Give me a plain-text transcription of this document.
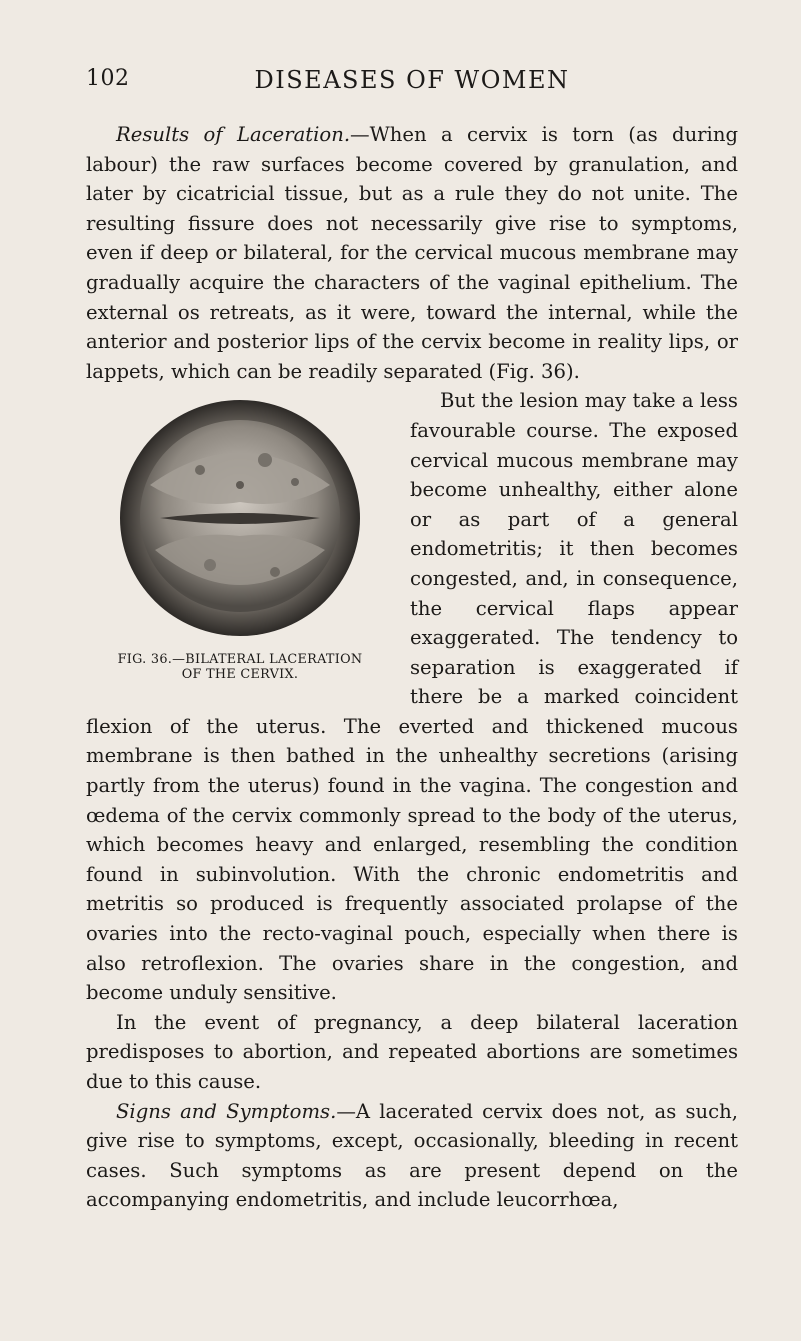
102	DISEASES OF WOMEN

Results of Laceration.—When a cervix is torn (as during labour) the raw surfaces become covered by granulation, and later by cicatricial tissue, but as a rule they do not unite. The resulting fissure does not necessarily give rise to symptoms, even if deep or bilateral, for the cervical mucous membrane may gradually acquire the characters of the vaginal epithelium. The external os retreats, as it were, toward the internal, while the anterior and posterior lips of the cervix become in reality lips, or lappets, which can be readily separated (Fig. 36).

FIG. 36.—BILATERAL LACERATION
OF THE CERVIX.

But the lesion may take a less favourable course. The exposed cervical mucous membrane may become unhealthy, either alone or as part of a general endometritis; it then becomes congested, and, in consequence, the cervical flaps appear exaggerated. The tendency to separation is exaggerated if there be a marked coincident flexion of the uterus. The everted and thickened mucous membrane is then bathed in the unhealthy secretions (arising partly from the uterus) found in the vagina. The congestion and œdema of the cervix commonly spread to the body of the uterus, which becomes heavy and enlarged, resembling the condition found in subinvolution. With the chronic endometritis and metritis so produced is frequently associated prolapse of the ovaries into the recto-vaginal pouch, especially when there is also retroflexion. The ovaries share in the congestion, and become unduly sensitive.

In the event of pregnancy, a deep bilateral laceration predisposes to abortion, and repeated abortions are sometimes due to this cause.

Signs and Symptoms.—A lacerated cervix does not, as such, give rise to symptoms, except, occasionally, bleeding in recent cases. Such symptoms as are present depend on the accompanying endometritis, and include leucorrhœa,
